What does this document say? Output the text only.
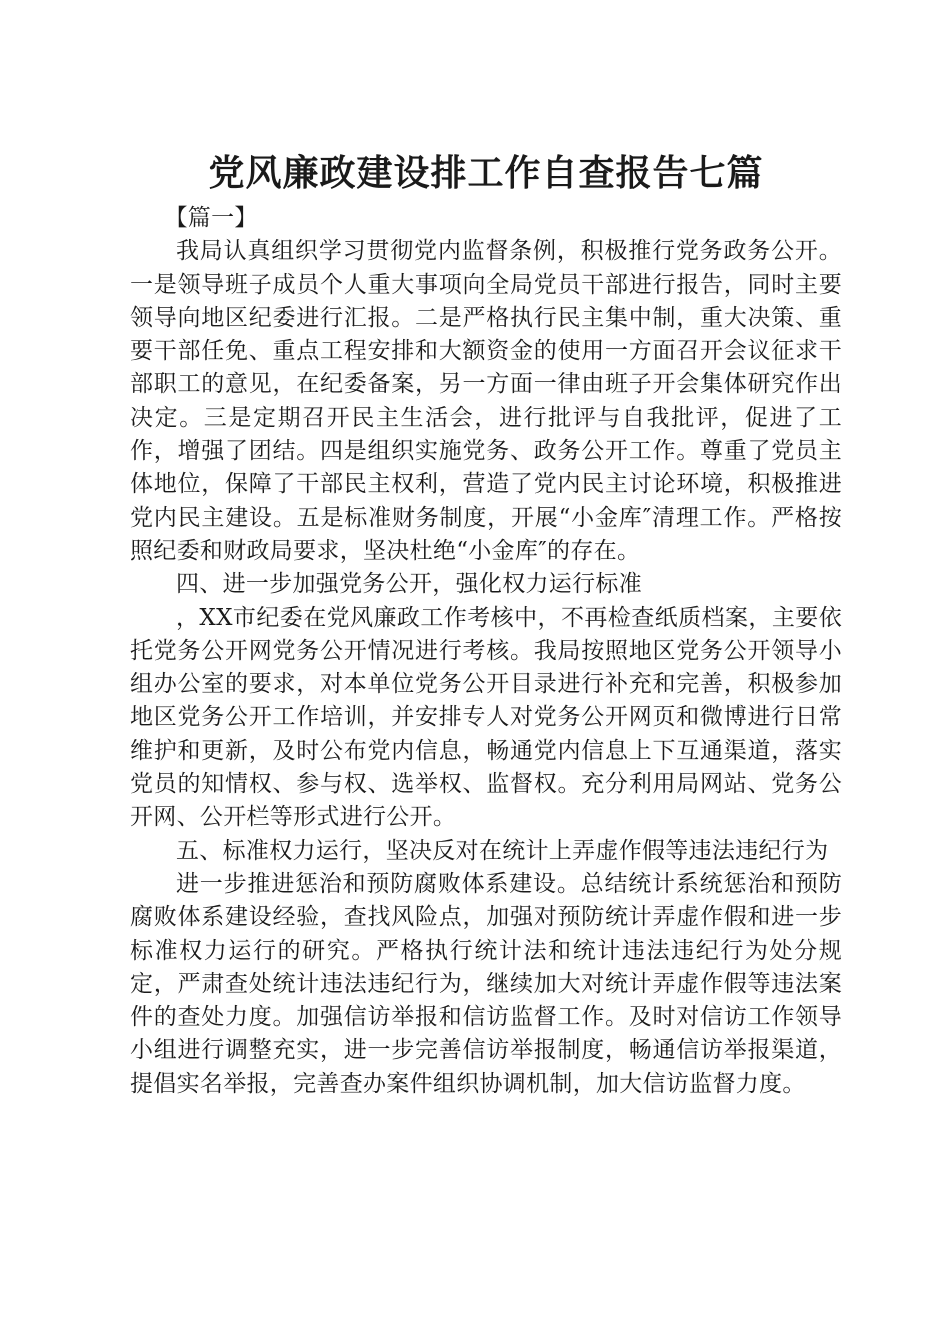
党风廉政建设排工作自查报告七篇

【篇一】

我局认真组织学习贯彻党内监督条例，积极推行党务政务公开。一是领导班子成员个人重大事项向全局党员干部进行报告，同时主要领导向地区纪委进行汇报。二是严格执行民主集中制，重大决策、重要干部任免、重点工程安排和大额资金的使用一方面召开会议征求干部职工的意见，在纪委备案，另一方面一律由班子开会集体研究作出决定。三是定期召开民主生活会，进行批评与自我批评，促进了工作，增强了团结。四是组织实施党务、政务公开工作。尊重了党员主体地位，保障了干部民主权利，营造了党内民主讨论环境，积极推进党内民主建设。五是标准财务制度，开展“小金库″清理工作。严格按照纪委和财政局要求，坚决杜绝“小金库″的存在。

四、进一步加强党务公开，强化权力运行标准

，XX市纪委在党风廉政工作考核中，不再检查纸质档案，主要依托党务公开网党务公开情况进行考核。我局按照地区党务公开领导小组办公室的要求，对本单位党务公开目录进行补充和完善，积极参加地区党务公开工作培训，并安排专人对党务公开网页和微博进行日常维护和更新，及时公布党内信息，畅通党内信息上下互通渠道，落实党员的知情权、参与权、选举权、监督权。充分利用局网站、党务公开网、公开栏等形式进行公开。

五、标准权力运行，坚决反对在统计上弄虚作假等违法违纪行为

进一步推进惩治和预防腐败体系建设。总结统计系统惩治和预防腐败体系建设经验，查找风险点，加强对预防统计弄虚作假和进一步标准权力运行的研究。严格执行统计法和统计违法违纪行为处分规定，严肃查处统计违法违纪行为，继续加大对统计弄虚作假等违法案件的查处力度。加强信访举报和信访监督工作。及时对信访工作领导小组进行调整充实，进一步完善信访举报制度，畅通信访举报渠道，提倡实名举报，完善查办案件组织协调机制，加大信访监督力度。
